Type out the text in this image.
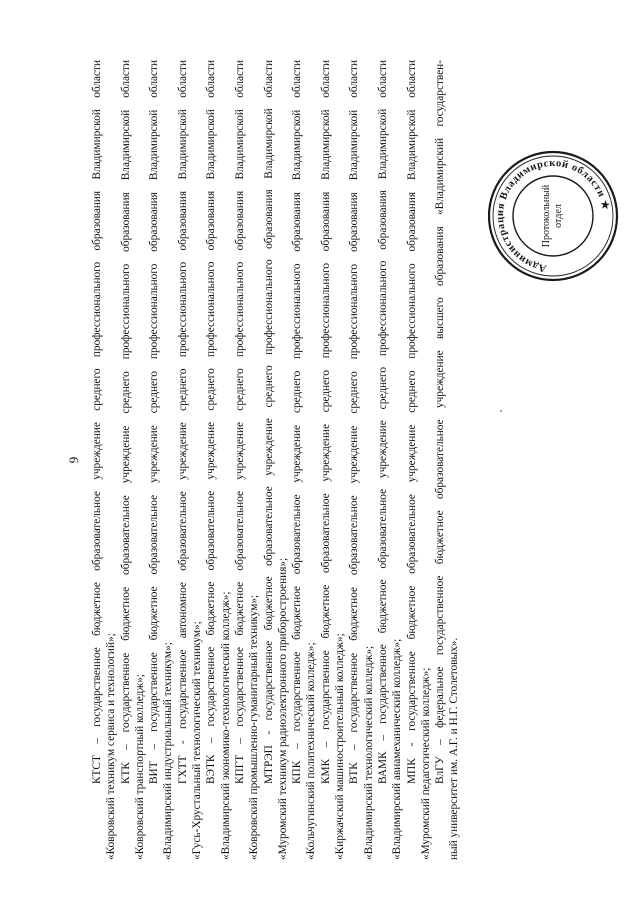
9 КТСТ – государственное бюджетное образовательное учреждение среднего профессионального образования Владимирской области «Ковровский техникум сервиса и технологий»; КТК – государственное бюджетное образовательное учреждение среднего профессионального образования Владимирской области «Ковровский транспортный колледж»; ВИТ – государственное бюджетное образовательное учреждение среднего профессионального образования Владимирской области «Владимирский индустриальный техникум»; ГХТТ - государственное автономное образовательное учреждение среднего профессионального образования Владимирской области «Гусь-Хрустальный технологический техникум»; ВЭТК – государственное бюджетное образовательное учреждение среднего профессионального образования Владимирской области «Владимирский экономико-технологический колледж»; КПГТ – государственное бюджетное образовательное учреждение среднего профессионального образования Владимирской области «Ковровский промышленно-гуманитарный техникум»; МТРЭП - государственное бюджетное образовательное учреждение среднего профессионального образования Владимирской области «Муромский техникум радиоэлектронного приборостроения»; КПК – государственное бюджетное образовательное учреждение среднего профессионального образования Владимирской области «Кольчугинский политехнический колледж»; КМК – государственное бюджетное образовательное учреждение среднего профессионального образования Владимирской области «Киржачский машиностроительный колледж»; ВТК – государственное бюджетное образовательное учреждение среднего профессионального образования Владимирской области «Владимирский технологический колледж»; ВАМК – государственное бюджетное образовательное учреждение среднего профессионального образования Владимирской области «Владимирский авиамеханический колледж»; МПК - государственное бюджетное образовательное учреждение среднего профессионального образования Владимирской области «Муромский педагогический колледж»; ВлГУ – федеральное государственное бюджетное образовательное учреждение высшего образования «Владимирский государствен- ный университет им. А.Г. и Н.Г. Столетовых».

Администрация Владимирской области ★
Протокольный отдел
